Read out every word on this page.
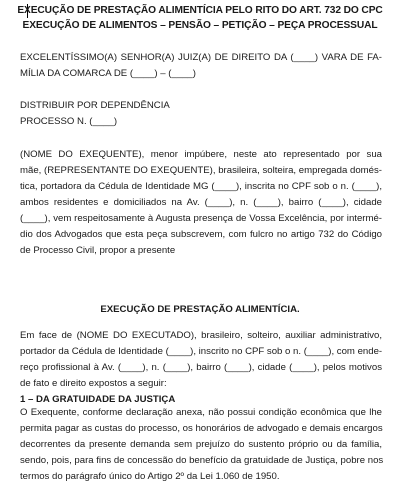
EXECUÇÃO DE PRESTAÇÃO ALIMENTÍCIA PELO RITO DO ART. 732 DO CPC
EXECUÇÃO DE ALIMENTOS – PENSÃO – PETIÇÃO – PEÇA PROCESSUAL
EXCELENTÍSSIMO(A) SENHOR(A) JUIZ(A) DE DIREITO DA (____) VARA DE FA-
MÍLIA DA COMARCA DE (____) – (____)
DISTRIBUIR POR DEPENDÊNCIA
PROCESSO N. (____)
(NOME DO EXEQUENTE), menor impúbere, neste ato representado por sua
mãe, (REPRESENTANTE DO EXEQUENTE), brasileira, solteira, empregada domés-
tica, portadora da Cédula de Identidade MG (____), inscrita no CPF sob o n. (____),
ambos residentes e domiciliados na Av. (____), n. (____), bairro (____), cidade
(____), vem respeitosamente à Augusta presença de Vossa Excelência, por intermé-
dio dos Advogados que esta peça subscrevem, com fulcro no artigo 732 do Código
de Processo Civil, propor a presente
EXECUÇÃO DE PRESTAÇÃO ALIMENTÍCIA.
Em face de (NOME DO EXECUTADO), brasileiro, solteiro, auxiliar administrativo,
portador da Cédula de Identidade (____), inscrito no CPF sob o n. (____), com ende-
reço profissional à Av. (____), n. (____), bairro (____), cidade (____), pelos motivos
de fato e direito expostos a seguir:
1 – DA GRATUIDADE DA JUSTIÇA
O Exequente, conforme declaração anexa, não possui condição econômica que lhe
permita pagar as custas do processo, os honorários de advogado e demais encargos
decorrentes da presente demanda sem prejuízo do sustento próprio ou da família,
sendo, pois, para fins de concessão do benefício da gratuidade de Justiça, pobre nos
termos do parágrafo único do Artigo 2º da Lei 1.060 de 1950.
